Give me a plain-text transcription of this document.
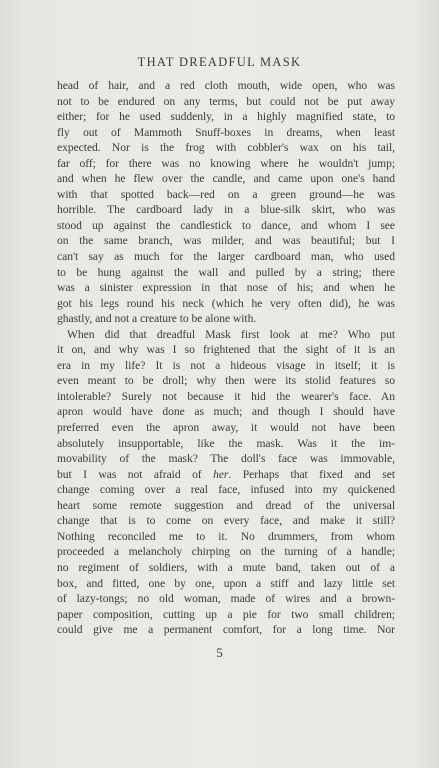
THAT DREADFUL MASK
head of hair, and a red cloth mouth, wide open, who was
not to be endured on any terms, but could not be put away
either; for he used suddenly, in a highly magnified state, to
fly out of Mammoth Snuff-boxes in dreams, when least
expected. Nor is the frog with cobbler's wax on his tail,
far off; for there was no knowing where he wouldn't jump;
and when he flew over the candle, and came upon one's hand
with that spotted back—red on a green ground—he was
horrible. The cardboard lady in a blue-silk skirt, who was
stood up against the candlestick to dance, and whom I see
on the same branch, was milder, and was beautiful; but I
can't say as much for the larger cardboard man, who used
to be hung against the wall and pulled by a string; there
was a sinister expression in that nose of his; and when he
got his legs round his neck (which he very often did), he was
ghastly, and not a creature to be alone with.
When did that dreadful Mask first look at me? Who put
it on, and why was I so frightened that the sight of it is an
era in my life? It is not a hideous visage in itself; it is
even meant to be droll; why then were its stolid features so
intolerable? Surely not because it hid the wearer's face. An
apron would have done as much; and though I should have
preferred even the apron away, it would not have been
absolutely insupportable, like the mask. Was it the im-
movability of the mask? The doll's face was immovable,
but I was not afraid of her. Perhaps that fixed and set
change coming over a real face, infused into my quickened
heart some remote suggestion and dread of the universal
change that is to come on every face, and make it still?
Nothing reconciled me to it. No drummers, from whom
proceeded a melancholy chirping on the turning of a handle;
no regiment of soldiers, with a mute band, taken out of a
box, and fitted, one by one, upon a stiff and lazy little set
of lazy-tongs; no old woman, made of wires and a brown-
paper composition, cutting up a pie for two small children;
could give me a permanent comfort, for a long time. Nor
5
